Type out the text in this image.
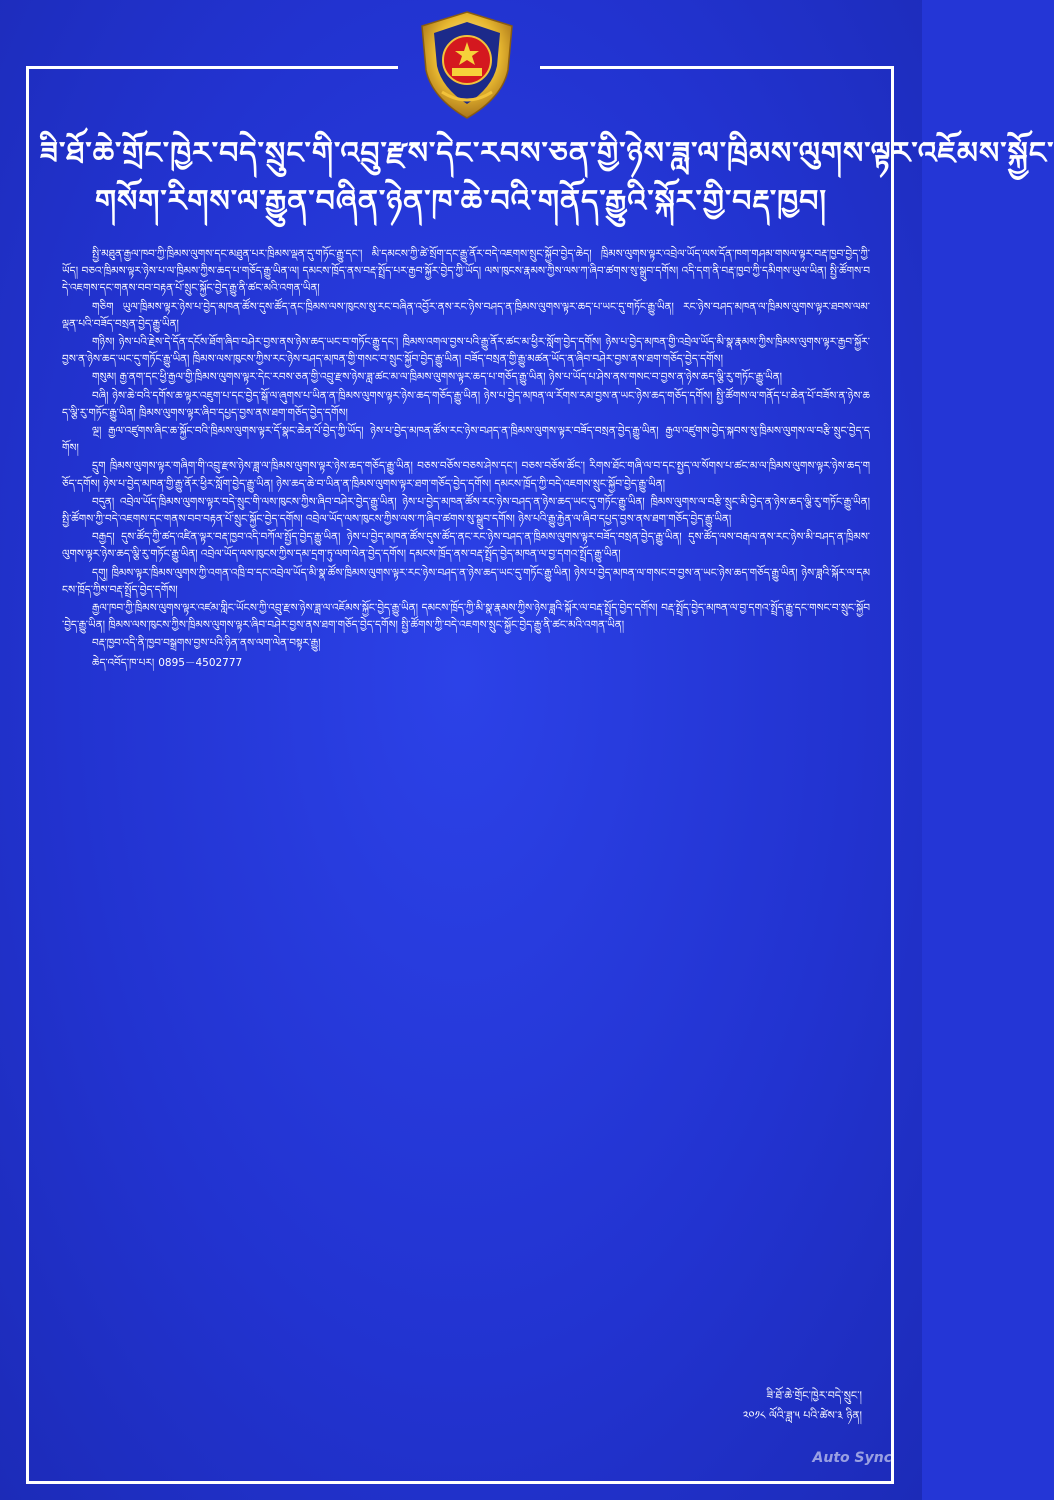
ཟི་ཐོ་ཆེ་གྲོང་ཁྱེར་བདེ་སྲུང་གི་འབྲུ་རྫས་དེང་རབས་ཅན་གྱི་ཉེས་ཟླ་ལ་ཁྲིམས་ལུགས་ལྟར་འཇོམས་སྐྱོང་
གསོག་རིགས་ལ་རྒྱུན་བཞིན་ཉེན་ཁ་ཆེ་བའི་གནོད་རྒྱུའི་སྐོར་གྱི་བརྡ་ཁྱབ།

སྤྱི་མཐུན་རྒྱལ་ཁབ་ཀྱི་ཁྲིམས་ལུགས་དང་མཐུན་པར་ཁྲིམས་ལྡན་དུ་གཏོང་རྒྱུ་དང་། མི་དམངས་ཀྱི་ཚེ་སྲོག་དང་རྒྱུ་ནོར་བདེ་འཇགས་སྲུང་སྐྱོབ་བྱེད་ཆེད། ཁྲིམས་ལུགས་ལྟར་འབྲེལ་ཡོད་ལས་དོན་ཁག་གཤམ་གསལ་ལྟར་བརྡ་ཁྱབ་བྱེད་ཀྱི་ཡོད། བཅའ་ཁྲིམས་ལྟར་ཉེས་པ་ལ་ཁྲིམས་ཀྱིས་ཆད་པ་གཅོད་རྒྱུ་ཡིན་ལ། དམངས་ཁྲོད་ནས་བརྡ་སྤྲོད་པར་རྒྱབ་སྐྱོར་བྱེད་ཀྱི་ཡོད། ལས་ཁུངས་རྣམས་ཀྱིས་ལས་ཀ་ཞིབ་ཚགས་སུ་སྒྲུབ་དགོས། འདི་དག་ནི་བརྡ་ཁྱབ་ཀྱི་དམིགས་ཡུལ་ཡིན། སྤྱི་ཚོགས་བདེ་འཇགས་དང་གནས་བབ་བརྟན་པོ་སྲུང་སྐྱོང་བྱེད་རྒྱུ་ནི་ཚང་མའི་འགན་ཡིན།

གཅིག ཡུལ་ཁྲིམས་ལྟར་ཉེས་པ་བྱེད་མཁན་ཚོས་དུས་ཚོད་ནང་ཁྲིམས་ལས་ཁུངས་སུ་རང་བཞིན་འབྱོར་ནས་རང་ཉེས་བཤད་ན་ཁྲིམས་ལུགས་ལྟར་ཆད་པ་ཡང་དུ་གཏོང་རྒྱུ་ཡིན། རང་ཉེས་བཤད་མཁན་ལ་ཁྲིམས་ལུགས་ལྟར་ཐབས་ལམ་ལྡན་པའི་བཟོད་བསྲན་བྱེད་རྒྱུ་ཡིན།

གཉིས། ཉེས་པའི་རྗེས་དེ་དོན་དངོས་ཐོག་ཞིབ་བཤེར་བྱས་ནས་ཉེས་ཆད་ཡང་བ་གཏོང་རྒྱུ་དང་། ཁྲིམས་འགལ་བྱས་པའི་རྒྱུ་ནོར་ཚང་མ་ཕྱིར་སློག་བྱེད་དགོས། ཉེས་པ་བྱེད་མཁན་གྱི་འབྲེལ་ཡོད་མི་སྣ་རྣམས་ཀྱིས་ཁྲིམས་ལུགས་ལྟར་རྒྱབ་སྐྱོར་བྱས་ན་ཉེས་ཆད་ཡང་དུ་གཏོང་རྒྱུ་ཡིན། ཁྲིམས་ལས་ཁུངས་ཀྱིས་རང་ཉེས་བཤད་མཁན་གྱི་གསང་བ་སྲུང་སྐྱོབ་བྱེད་རྒྱུ་ཡིན། བཟོད་བསྲན་གྱི་རྒྱུ་མཚན་ཡོད་ན་ཞིབ་བཤེར་བྱས་ནས་ཐག་གཅོད་བྱེད་དགོས།

གསུམ། རྒྱ་ནག་དང་ཕྱི་རྒྱལ་གྱི་ཁྲིམས་ལུགས་ལྟར་དེང་རབས་ཅན་གྱི་འབྲུ་རྫས་ཉེས་ཟླ་ཚང་མ་ལ་ཁྲིམས་ལུགས་ལྟར་ཆད་པ་གཅོད་རྒྱུ་ཡིན། ཉེས་པ་ཡོད་པ་ཤེས་ནས་གསང་བ་བྱས་ན་ཉེས་ཆད་ལྕི་རུ་གཏོང་རྒྱུ་ཡིན།

བཞི། ཉེས་ཆེ་བའི་དགོས་ཆ་ལྟར་འཇུག་པ་དང་བྱེད་སྒོ་ལ་ཞུགས་པ་ཡིན་ན་ཁྲིམས་ལུགས་ལྟར་ཉེས་ཆད་གཅོད་རྒྱུ་ཡིན། ཉེས་པ་བྱེད་མཁན་ལ་རོགས་རམ་བྱས་ན་ཡང་ཉེས་ཆད་གཅོད་དགོས། སྤྱི་ཚོགས་ལ་གནོད་པ་ཆེན་པོ་བཟོས་ན་ཉེས་ཆད་ལྕི་རུ་གཏོང་རྒྱུ་ཡིན། ཁྲིམས་ལུགས་ལྟར་ཞིབ་དཔྱད་བྱས་ནས་ཐག་གཅོད་བྱེད་དགོས།

ལྔ། རྒྱལ་འཛུགས་ཞིང་ཆ་སྐྱོང་བའི་ཁྲིམས་ལུགས་ལྟར་དོ་སྣང་ཆེན་པོ་བྱེད་ཀྱི་ཡོད། ཉེས་པ་བྱེད་མཁན་ཚོས་རང་ཉེས་བཤད་ན་ཁྲིམས་ལུགས་ལྟར་བཟོད་བསྲན་བྱེད་རྒྱུ་ཡིན། རྒྱལ་འཛུགས་བྱེད་སྐབས་སུ་ཁྲིམས་ལུགས་ལ་བརྩི་སྲུང་བྱེད་དགོས།

དྲུག ཁྲིམས་ལུགས་ལྟར་གཞིག་གི་འབྲུ་རྫས་ཉེས་ཟླ་ལ་ཁྲིམས་ལུགས་ལྟར་ཉེས་ཆད་གཅོད་རྒྱུ་ཡིན། བཅས་བཅོས་བཅས་ཤེས་དང་། བཅས་བཅོས་ཚོང་། རིགས་ཐོང་གཞི་ལ་བ་དང་སྤྱད་ལ་སོགས་པ་ཚང་མ་ལ་ཁྲིམས་ལུགས་ལྟར་ཉེས་ཆད་གཅོད་དགོས། ཉེས་པ་བྱེད་མཁན་གྱི་རྒྱུ་ནོར་ཕྱིར་སློག་བྱེད་རྒྱུ་ཡིན། ཉེས་ཆད་ཆེ་བ་ཡིན་ན་ཁྲིམས་ལུགས་ལྟར་ཐག་གཅོད་བྱེད་དགོས། དམངས་ཁྲོད་ཀྱི་བདེ་འཇགས་སྲུང་སྐྱོབ་བྱེད་རྒྱུ་ཡིན།

བདུན། འབྲེལ་ཡོད་ཁྲིམས་ལུགས་ལྟར་བདེ་སྲུང་གི་ལས་ཁུངས་ཀྱིས་ཞིབ་བཤེར་བྱེད་རྒྱུ་ཡིན། ཉེས་པ་བྱེད་མཁན་ཚོས་རང་ཉེས་བཤད་ན་ཉེས་ཆད་ཡང་དུ་གཏོང་རྒྱུ་ཡིན། ཁྲིམས་ལུགས་ལ་བརྩི་སྲུང་མི་བྱེད་ན་ཉེས་ཆད་ལྕི་རུ་གཏོང་རྒྱུ་ཡིན། སྤྱི་ཚོགས་ཀྱི་བདེ་འཇགས་དང་གནས་བབ་བརྟན་པོ་སྲུང་སྐྱོང་བྱེད་དགོས། འབྲེལ་ཡོད་ལས་ཁུངས་ཀྱིས་ལས་ཀ་ཞིབ་ཚགས་སུ་སྒྲུབ་དགོས། ཉེས་པའི་རྒྱུ་རྐྱེན་ལ་ཞིབ་དཔྱད་བྱས་ནས་ཐག་གཅོད་བྱེད་རྒྱུ་ཡིན།

བརྒྱད། དུས་ཚོད་ཀྱི་ཚད་འཛིན་ལྟར་བརྡ་ཁྱབ་འདི་བཀོལ་སྤྱོད་བྱེད་རྒྱུ་ཡིན། ཉེས་པ་བྱེད་མཁན་ཚོས་དུས་ཚོད་ནང་རང་ཉེས་བཤད་ན་ཁྲིམས་ལུགས་ལྟར་བཟོད་བསྲན་བྱེད་རྒྱུ་ཡིན། དུས་ཚོད་ལས་བརྒལ་ནས་རང་ཉེས་མི་བཤད་ན་ཁྲིམས་ལུགས་ལྟར་ཉེས་ཆད་ལྕི་རུ་གཏོང་རྒྱུ་ཡིན། འབྲེལ་ཡོད་ལས་ཁུངས་ཀྱིས་དམ་དྲག་ཏུ་ལག་ལེན་བྱེད་དགོས། དམངས་ཁྲོད་ནས་བརྡ་སྤྲོད་བྱེད་མཁན་ལ་བྱ་དགའ་སྤྲོད་རྒྱུ་ཡིན།

དགུ། ཁྲིམས་ལྟར་ཁྲིམས་ལུགས་ཀྱི་འགན་འཁྲི་བ་དང་འབྲེལ་ཡོད་མི་སྣ་ཚོས་ཁྲིམས་ལུགས་ལྟར་རང་ཉེས་བཤད་ན་ཉེས་ཆད་ཡང་དུ་གཏོང་རྒྱུ་ཡིན། ཉེས་པ་བྱེད་མཁན་ལ་གསང་བ་བྱས་ན་ཡང་ཉེས་ཆད་གཅོད་རྒྱུ་ཡིན། ཉེས་ཟླའི་སྐོར་ལ་དམངས་ཁྲོད་ཀྱིས་བརྡ་སྤྲོད་བྱེད་དགོས།

རྒྱལ་ཁབ་ཀྱི་ཁྲིམས་ལུགས་ལྟར་འཛམ་གླིང་ཡོངས་ཀྱི་འབྲུ་རྫས་ཉེས་ཟླ་ལ་འཇོམས་སྐྱོང་བྱེད་རྒྱུ་ཡིན། དམངས་ཁྲོད་ཀྱི་མི་སྣ་རྣམས་ཀྱིས་ཉེས་ཟླའི་སྐོར་ལ་བརྡ་སྤྲོད་བྱེད་དགོས། བརྡ་སྤྲོད་བྱེད་མཁན་ལ་བྱ་དགའ་སྤྲོད་རྒྱུ་དང་གསང་བ་སྲུང་སྐྱོབ་བྱེད་རྒྱུ་ཡིན། ཁྲིམས་ལས་ཁུངས་ཀྱིས་ཁྲིམས་ལུགས་ལྟར་ཞིབ་བཤེར་བྱས་ནས་ཐག་གཅོད་བྱེད་དགོས། སྤྱི་ཚོགས་ཀྱི་བདེ་འཇགས་སྲུང་སྐྱོང་བྱེད་རྒྱུ་ནི་ཚང་མའི་འགན་ཡིན།

བརྡ་ཁྱབ་འདི་ནི་ཁྱབ་བསྒྲགས་བྱས་པའི་ཉིན་ནས་ལག་ལེན་བསྟར་རྒྱུ།

ཆེད་འབོད་ཁ་པར། 0895－4502777
ཟི་ཐོ་ཆེ་གྲོང་ཁྱེར་བདེ་སྲུང་།
༢༠༡༨ ལོའི་ཟླ་༥ པའི་ཚེས་༣ ཉིན།
Auto Sync
